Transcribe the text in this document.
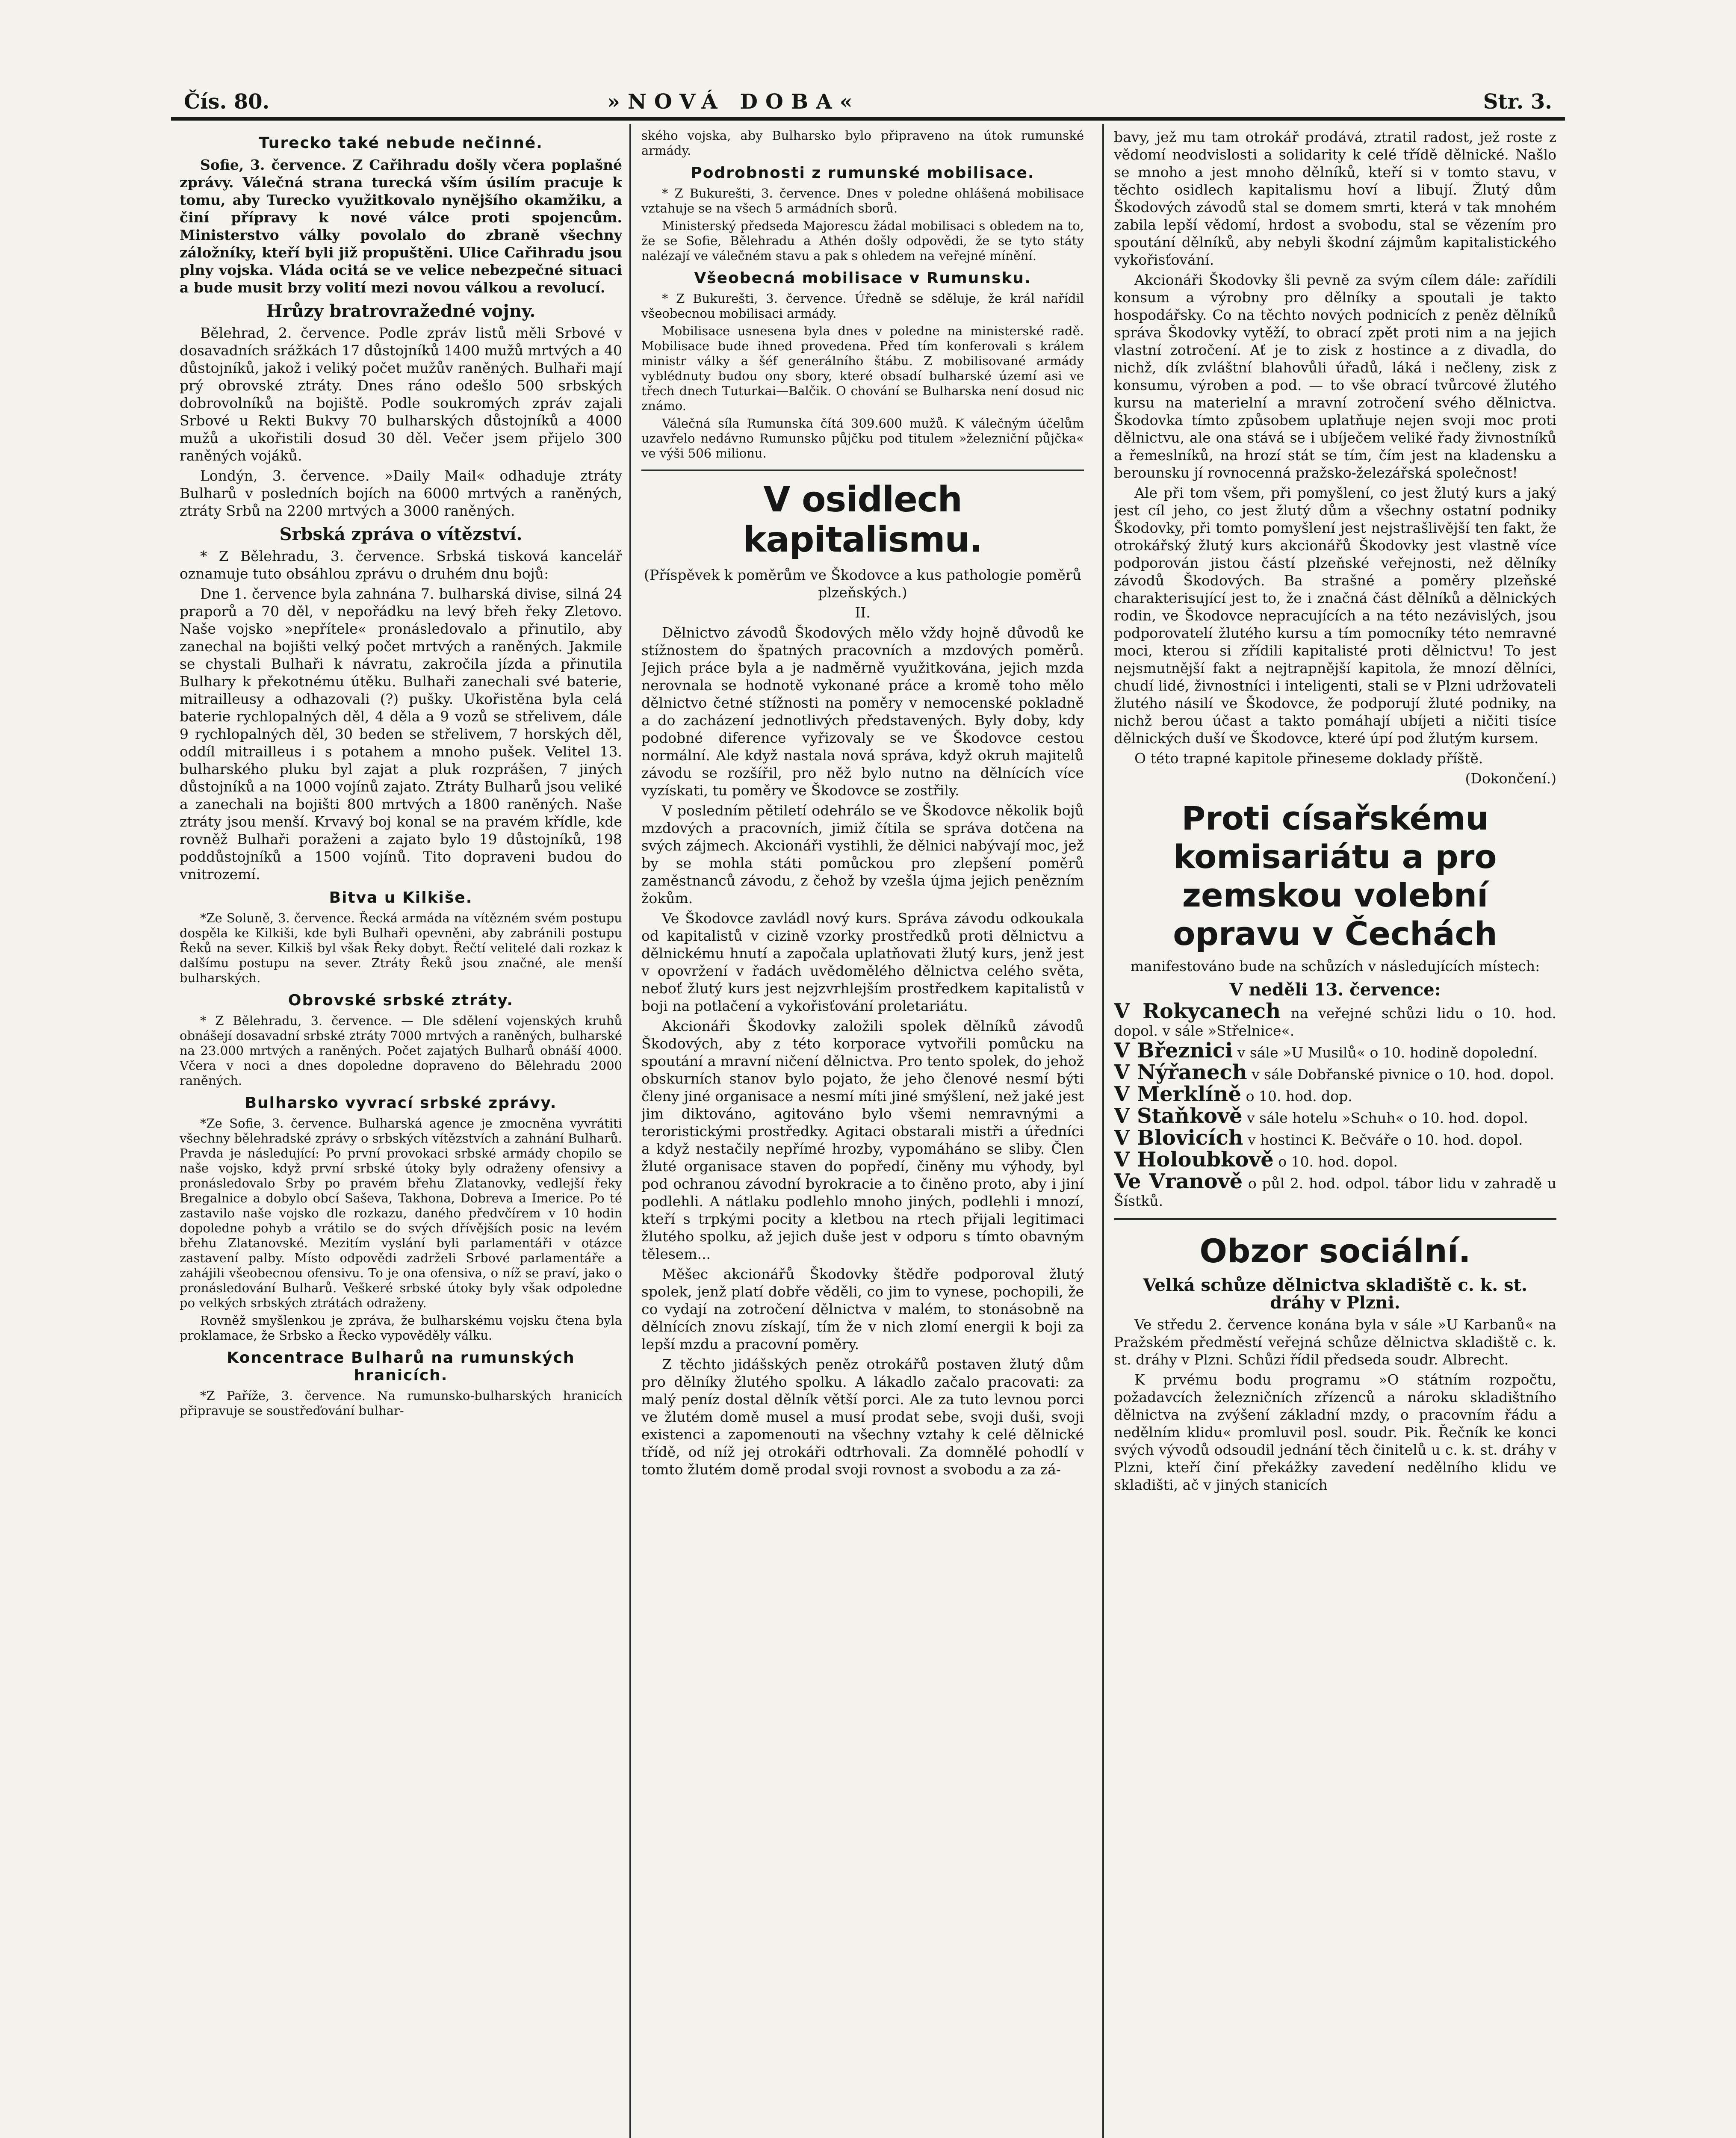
Čís. 80.	»NOVÁ DOBA«	Str. 3.
Turecko také nebude nečinné.

Sofie, 3. července. Z Cařihradu došly včera poplašné zprávy. Válečná strana turecká vším úsilím pracuje k tomu, aby Turecko využitkovalo nynějšího okamžiku, a činí přípravy k nové válce proti spojencům. Ministerstvo války povolalo do zbraně všechny záložníky, kteří byli již propuštěni. Ulice Cařihradu jsou plny vojska. Vláda ocitá se ve velice nebezpečné situaci a bude musit brzy volití mezi novou válkou a revolucí.

Hrůzy bratrovražedné vojny.

Bělehrad, 2. července. Podle zpráv listů měli Srbové v dosavadních srážkách 17 důstojníků 1400 mužů mrtvých a 40 důstojníků, jakož i veliký počet mužův raněných. Bulhaři mají prý obrovské ztráty. Dnes ráno odešlo 500 srbských dobrovolníků na bojiště. Podle soukromých zpráv zajali Srbové u Rekti Bukvy 70 bulharských důstojníků a 4000 mužů a ukořistili dosud 30 děl. Večer jsem přijelo 300 raněných vojáků.

Londýn, 3. července. »Daily Mail« odhaduje ztráty Bulharů v posledních bojích na 6000 mrtvých a raněných, ztráty Srbů na 2200 mrtvých a 3000 raněných.

Srbská zpráva o vítězství.

* Z Bělehradu, 3. července. Srbská tisková kancelář oznamuje tuto obsáhlou zprávu o druhém dnu bojů:

Dne 1. července byla zahnána 7. bulharská divise, silná 24 praporů a 70 děl, v nepořádku na levý břeh řeky Zletovo. Naše vojsko »nepřítele« pronásledovalo a přinutilo, aby zanechal na bojišti velký počet mrtvých a raněných. Jakmile se chystali Bulhaři k návratu, zakročila jízda a přinutila Bulhary k překotnému útěku. Bulhaři zanechali své baterie, mitrailleusy a odhazovali (?) pušky. Ukořistěna byla celá baterie rychlopalných děl, 4 děla a 9 vozů se střelivem, dále 9 rychlopalných děl, 30 beden se střelivem, 7 horských děl, oddíl mitrailleus i s potahem a mnoho pušek. Velitel 13. bulharského pluku byl zajat a pluk rozprášen, 7 jiných důstojníků a na 1000 vojínů zajato. Ztráty Bulharů jsou veliké a zanechali na bojišti 800 mrtvých a 1800 raněných. Naše ztráty jsou menší. Krvavý boj konal se na pravém křídle, kde rovněž Bulhaři poraženi a zajato bylo 19 důstojníků, 198 poddůstojníků a 1500 vojínů. Tito dopraveni budou do vnitrozemí.

Bitva u Kilkiše.

*Ze Soluně, 3. července. Řecká armáda na vítězném svém postupu dospěla ke Kilkiši, kde byli Bulhaři opevněni, aby zabránili postupu Řeků na sever. Kilkiš byl však Řeky dobyt. Řečtí velitelé dali rozkaz k dalšímu postupu na sever. Ztráty Řeků jsou značné, ale menší bulharských.

Obrovské srbské ztráty.

* Z Bělehradu, 3. července. — Dle sdělení vojenských kruhů obnášejí dosavadní srbské ztráty 7000 mrtvých a raněných, bulharské na 23.000 mrtvých a raněných. Počet zajatých Bulharů obnáší 4000. Včera v noci a dnes dopoledne dopraveno do Bělehradu 2000 raněných.

Bulharsko vyvrací srbské zprávy.

*Ze Sofie, 3. července. Bulharská agence je zmocněna vyvrátiti všechny bělehradské zprávy o srbských vítězstvích a zahnání Bulharů. Pravda je následující: Po první provokaci srbské armády chopilo se naše vojsko, když první srbské útoky byly odraženy ofensivy a pronásledovalo Srby po pravém břehu Zlatanovky, vedlejší řeky Bregalnice a dobylo obcí Saševa, Takhona, Dobreva a Imerice. Po té zastavilo naše vojsko dle rozkazu, daného předvčírem v 10 hodin dopoledne pohyb a vrátilo se do svých dřívějších posic na levém břehu Zlatanovské. Mezitím vyslání byli parlamentáři v otázce zastavení palby. Místo odpovědi zadrželi Srbové parlamentáře a zahájili všeobecnou ofensivu. To je ona ofensiva, o níž se praví, jako o pronásledování Bulharů. Veškeré srbské útoky byly však odpoledne po velkých srbských ztrátách odraženy.

Rovněž smyšlenkou je zpráva, že bulharskému vojsku čtena byla proklamace, že Srbsko a Řecko vypověděly válku.

Koncentrace Bulharů na rumunských hranicích.

*Z Paříže, 3. července. Na rumunsko-bulharských hranicích připravuje se soustřeďování bulhar-

ského vojska, aby Bulharsko bylo připraveno na útok rumunské armády.

Podrobnosti z rumunské mobilisace.

* Z Bukurešti, 3. července. Dnes v poledne ohlášená mobilisace vztahuje se na všech 5 armádních sborů.

Ministerský předseda Majorescu žádal mobilisaci s obledem na to, že se Sofie, Bělehradu a Athén došly odpovědi, že se tyto státy nalézají ve válečném stavu a pak s ohledem na veřejné mínění.

Všeobecná mobilisace v Rumunsku.

* Z Bukurešti, 3. července. Úředně se sděluje, že král nařídil všeobecnou mobilisaci armády.

Mobilisace usnesena byla dnes v poledne na ministerské radě. Mobilisace bude ihned provedena. Před tím konferovali s králem ministr války a šéf generálního štábu. Z mobilisované armády vyblédnuty budou ony sbory, které obsadí bulharské území asi ve třech dnech Tuturkai—Balčik. O chování se Bulharska není dosud nic známo.

Válečná síla Rumunska čítá 309.600 mužů. K válečným účelům uzavřelo nedávno Rumunsko půjčku pod titulem »železniční půjčka« ve výši 506 milionu.

V osidlech kapitalismu.

(Příspěvek k poměrům ve Škodovce a kus pathologie poměrů plzeňských.)

II.

Dělnictvo závodů Škodových mělo vždy hojně důvodů ke stížnostem do špatných pracovních a mzdových poměrů. Jejich práce byla a je nadměrně využitkována, jejich mzda nerovnala se hodnotě vykonané práce a kromě toho mělo dělnictvo četné stížnosti na poměry v nemocenské pokladně a do zacházení jednotlivých představených. Byly doby, kdy podobné diference vyřizovaly se ve Škodovce cestou normální. Ale když nastala nová správa, když okruh majitelů závodu se rozšířil, pro něž bylo nutno na dělnících více vyzískati, tu poměry ve Škodovce se zostřily.

V posledním pětiletí odehrálo se ve Škodovce několik bojů mzdových a pracovních, jimiž čítila se správa dotčena na svých zájmech. Akcionáři vystihli, že dělnici nabývají moc, jež by se mohla státi pomůckou pro zlepšení poměrů zaměstnanců závodu, z čehož by vzešla újma jejich penězním žokům.

Ve Škodovce zavládl nový kurs. Správa závodu odkoukala od kapitalistů v cizině vzorky prostředků proti dělnictvu a dělnickému hnutí a započala uplatňovati žlutý kurs, jenž jest v opovržení v řadách uvědomělého dělnictva celého světa, neboť žlutý kurs jest nejzvrhlejším prostředkem kapitalistů v boji na potlačení a vykořisťování proletariátu.

Akcionáři Škodovky založili spolek dělníků závodů Škodových, aby z této korporace vytvořili pomůcku na spoutání a mravní ničení dělnictva. Pro tento spolek, do jehož obskurních stanov bylo pojato, že jeho členové nesmí býti členy jiné organisace a nesmí míti jiné smýšlení, než jaké jest jim diktováno, agitováno bylo všemi nemravnými a teroristickými prostředky. Agitaci obstarali mistři a úředníci a když nestačily nepřímé hrozby, vypomáháno se sliby. Člen žluté organisace staven do popředí, činěny mu výhody, byl pod ochranou závodní byrokracie a to činěno proto, aby i jiní podlehli. A nátlaku podlehlo mnoho jiných, podlehli i mnozí, kteří s trpkými pocity a kletbou na rtech přijali legitimaci žlutého spolku, až jejich duše jest v odporu s tímto obavným tělesem...

Měšec akcionářů Škodovky štědře podporoval žlutý spolek, jenž platí dobře věděli, co jim to vynese, pochopili, že co vydají na zotročení dělnictva v malém, to stonásobně na dělnících znovu získají, tím že v nich zlomí energii k boji za lepší mzdu a pracovní poměry.

Z těchto jidášských peněz otrokářů postaven žlutý dům pro dělníky žlutého spolku. A lákadlo začalo pracovati: za malý peníz dostal dělník větší porci. Ale za tuto levnou porci ve žlutém domě musel a musí prodat sebe, svoji duši, svoji existenci a zapomenouti na všechny vztahy k celé dělnické třídě, od níž jej otrokáři odtrhovali. Za domnělé pohodlí v tomto žlutém domě prodal svoji rovnost a svobodu a za zá-

bavy, jež mu tam otrokář prodává, ztratil radost, jež roste z vědomí neodvislosti a solidarity k celé třídě dělnické. Našlo se mnoho a jest mnoho dělníků, kteří si v tomto stavu, v těchto osidlech kapitalismu hoví a libují. Žlutý dům Škodových závodů stal se domem smrti, která v tak mnohém zabila lepší vědomí, hrdost a svobodu, stal se vězením pro spoutání dělníků, aby nebyli škodní zájmům kapitalistického vykořisťování.

Akcionáři Škodovky šli pevně za svým cílem dále: zařídili konsum a výrobny pro dělníky a spoutali je takto hospodářsky. Co na těchto nových podnicích z peněz dělníků správa Škodovky vytěží, to obrací zpět proti nim a na jejich vlastní zotročení. Ať je to zisk z hostince a z divadla, do nichž, dík zvláštní blahovůli úřadů, láká i nečleny, zisk z konsumu, výroben a pod. — to vše obrací tvůrcové žlutého kursu na materielní a mravní zotročení svého dělnictva. Škodovka tímto způsobem uplatňuje nejen svoji moc proti dělnictvu, ale ona stává se i ubíječem veliké řady živnostníků a řemeslníků, na hrozí stát se tím, čím jest na kladensku a berounsku jí rovnocenná pražsko-železářská společnost!

Ale při tom všem, při pomyšlení, co jest žlutý kurs a jaký jest cíl jeho, co jest žlutý dům a všechny ostatní podniky Škodovky, při tomto pomyšlení jest nejstrašlivější ten fakt, že otrokářský žlutý kurs akcionářů Škodovky jest vlastně více podporován jistou částí plzeňské veřejnosti, než dělníky závodů Škodových. Ba strašné a poměry plzeňské charakterisující jest to, že i značná část dělníků a dělnických rodin, ve Škodovce nepracujících a na této nezávislých, jsou podporovatelí žlutého kursu a tím pomocníky této nemravné moci, kterou si zřídili kapitalisté proti dělnictvu! To jest nejsmutnější fakt a nejtrapnější kapitola, že mnozí dělníci, chudí lidé, živnostníci i inteligenti, stali se v Plzni udržovateli žlutého násilí ve Škodovce, že podporují žluté podniky, na nichž berou účast a takto pomáhají ubíjeti a ničiti tisíce dělnických duší ve Škodovce, které úpí pod žlutým kursem.

O této trapné kapitole přineseme doklady příště.

(Dokončení.)

Proti císařskému komisariátu a pro zemskou volební opravu v Čechách

manifestováno bude na schůzích v následujících místech:

V neděli 13. července:

V Rokycanech na veřejné schůzi lidu o 10. hod. dopol. v sále »Střelnice«.

V Březnici v sále »U Musilů« o 10. hodině dopolední.

V Nýřanech v sále Dobřanské pivnice o 10. hod. dopol.

V Merklíně o 10. hod. dop.

V Staňkově v sále hotelu »Schuh« o 10. hod. dopol.

V Blovicích v hostinci K. Bečváře o 10. hod. dopol.

V Holoubkově o 10. hod. dopol.

Ve Vranově o půl 2. hod. odpol. tábor lidu v zahradě u Šístků.

Obzor sociální.
Velká schůze dělnictva skladiště c. k. st. dráhy v Plzni.

Ve středu 2. července konána byla v sále »U Karbanů« na Pražském předměstí veřejná schůze dělnictva skladiště c. k. st. dráhy v Plzni. Schůzi řídil předseda soudr. Albrecht.

K prvému bodu programu »O státním rozpočtu, požadavcích železničních zřízenců a nároku skladištního dělnictva na zvýšení základní mzdy, o pracovním řádu a nedělním klidu« promluvil posl. soudr. Pik. Řečník ke konci svých vývodů odsoudil jednání těch činitelů u c. k. st. dráhy v Plzni, kteří činí překážky zavedení nedělního klidu ve skladišti, ač v jiných stanicích
